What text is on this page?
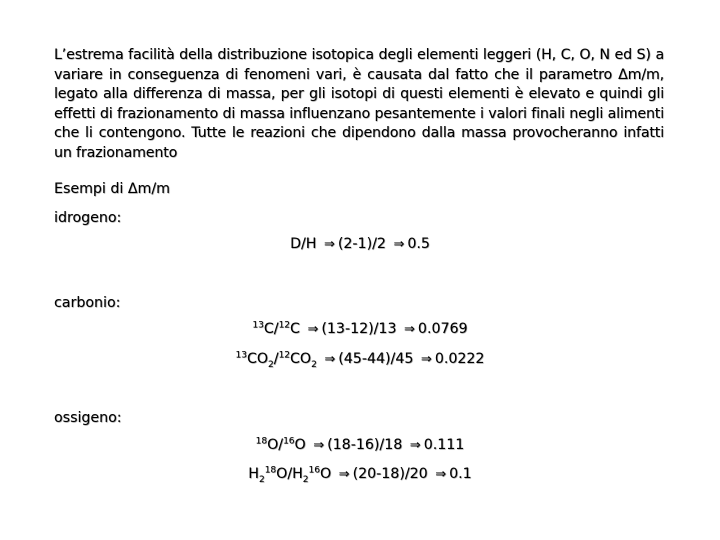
L’estrema facilità della distribuzione isotopica degli elementi leggeri (H, C, O, N ed S) a variare in conseguenza di fenomeni vari, è causata dal fatto che il parametro Δm/m, legato alla differenza di massa, per gli isotopi di questi elementi è elevato e quindi gli effetti di frazionamento di massa influenzano pesantemente i valori finali negli alimenti che li contengono. Tutte le reazioni che dipendono dalla massa provocheranno infatti un frazionamento
Esempi di Δm/m
idrogeno:
D/H ⇒ (2-1)/2 ⇒ 0.5
carbonio:
$^{13}$C/$^{12}$C ⇒ (13-12)/13 ⇒ 0.0769
$^{13}CO_2/^{12}CO_2$ ⇒ (45-44)/45 ⇒ 0.0222
ossigeno:
$^{18}$O/$^{16}$O ⇒ (18-16)/18 ⇒ 0.111
$H_2^{18}O/H_2^{16}O$ ⇒ (20-18)/20 ⇒ 0.1
